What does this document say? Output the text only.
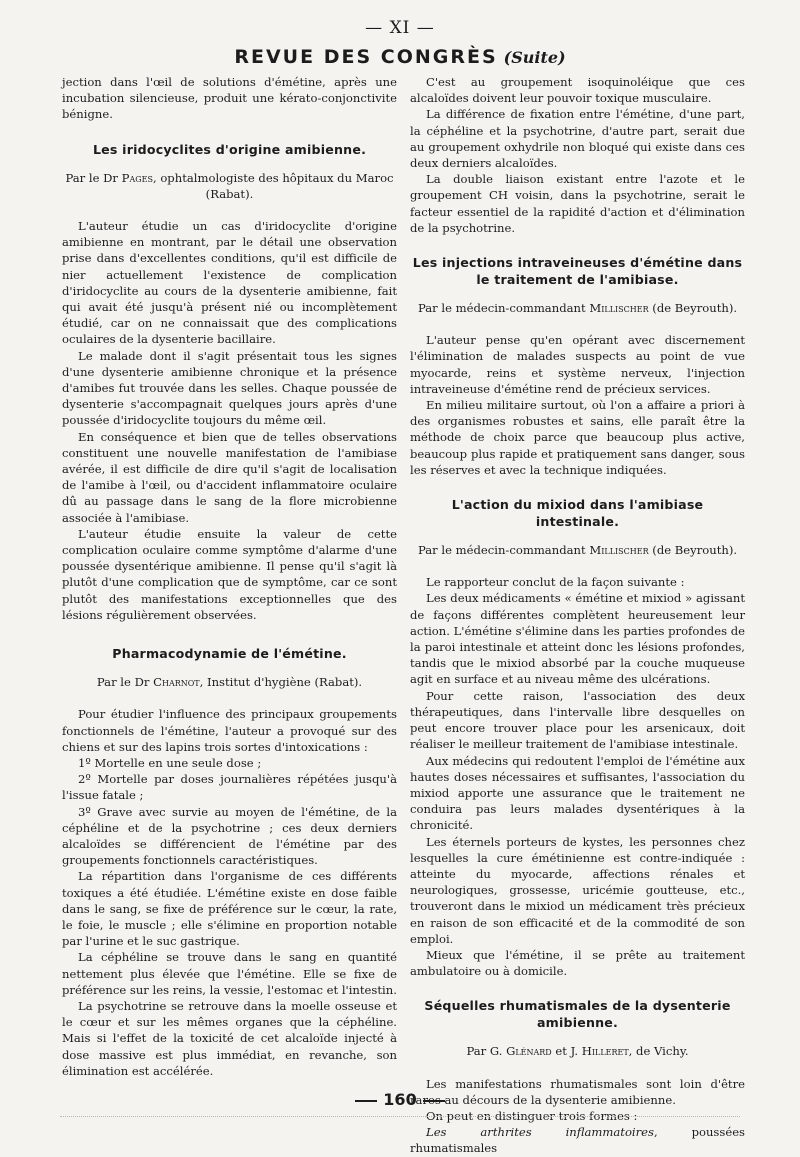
— XI —
REVUE DES CONGRÈS (Suite)

jection dans l'œil de solutions d'émétine, après une incubation silencieuse, produit une kérato-conjonctivite bénigne.

Les iridocyclites d'origine amibienne.

Par le Dr Pages, ophtalmologiste des hôpitaux du Maroc (Rabat).

L'auteur étudie un cas d'iridocyclite d'origine amibienne en montrant, par le détail une observation prise dans d'excellentes conditions, qu'il est difficile de nier actuellement l'existence de complication d'iridocyclite au cours de la dysenterie amibienne, fait qui avait été jusqu'à présent nié ou incomplètement étudié, car on ne connaissait que des complications oculaires de la dysenterie bacillaire.

Le malade dont il s'agit présentait tous les signes d'une dysenterie amibienne chronique et la présence d'amibes fut trouvée dans les selles. Chaque poussée de dysenterie s'accompagnait quelques jours après d'une poussée d'iridocyclite toujours du même œil.

En conséquence et bien que de telles observations constituent une nouvelle manifestation de l'amibiase avérée, il est difficile de dire qu'il s'agit de localisation de l'amibe à l'œil, ou d'accident inflammatoire oculaire dû au passage dans le sang de la flore microbienne associée à l'amibiase.

L'auteur étudie ensuite la valeur de cette complication oculaire comme symptôme d'alarme d'une poussée dysentérique amibienne. Il pense qu'il s'agit là plutôt d'une complication que de symptôme, car ce sont plutôt des manifestations exceptionnelles que des lésions régulièrement observées.

Pharmacodynamie de l'émétine.

Par le Dr Charnot, Institut d'hygiène (Rabat).

Pour étudier l'influence des principaux groupements fonctionnels de l'émétine, l'auteur a provoqué sur des chiens et sur des lapins trois sortes d'intoxications :

1º Mortelle en une seule dose ;

2º Mortelle par doses journalières répétées jusqu'à l'issue fatale ;

3º Grave avec survie au moyen de l'émétine, de la céphéline et de la psychotrine ; ces deux derniers alcaloïdes se différencient de l'émétine par des groupements fonctionnels caractéristiques.

La répartition dans l'organisme de ces différents toxiques a été étudiée. L'émétine existe en dose faible dans le sang, se fixe de préférence sur le cœur, la rate, le foie, le muscle ; elle s'élimine en proportion notable par l'urine et le suc gastrique.

La céphéline se trouve dans le sang en quantité nettement plus élevée que l'émétine. Elle se fixe de préférence sur les reins, la vessie, l'estomac et l'intestin.

La psychotrine se retrouve dans la moelle osseuse et le cœur et sur les mêmes organes que la céphéline. Mais si l'effet de la toxicité de cet alcaloïde injecté à dose massive est plus immédiat, en revanche, son élimination est accélérée.

C'est au groupement isoquinoléique que ces alcaloïdes doivent leur pouvoir toxique musculaire.

La différence de fixation entre l'émétine, d'une part, la céphéline et la psychotrine, d'autre part, serait due au groupement oxhydrile non bloqué qui existe dans ces deux derniers alcaloïdes.

La double liaison existant entre l'azote et le groupement CH voisin, dans la psychotrine, serait le facteur essentiel de la rapidité d'action et d'élimination de la psychotrine.

Les injections intraveineuses d'émétine dans le traitement de l'amibiase.

Par le médecin-commandant Millischer (de Beyrouth).

L'auteur pense qu'en opérant avec discernement l'élimination de malades suspects au point de vue myocarde, reins et système nerveux, l'injection intraveineuse d'émétine rend de précieux services.

En milieu militaire surtout, où l'on a affaire a priori à des organismes robustes et sains, elle paraît être la méthode de choix parce que beaucoup plus active, beaucoup plus rapide et pratiquement sans danger, sous les réserves et avec la technique indiquées.

L'action du mixiod dans l'amibiase intestinale.

Par le médecin-commandant Millischer (de Beyrouth).

Le rapporteur conclut de la façon suivante :

Les deux médicaments « émétine et mixiod » agissant de façons différentes complètent heureusement leur action. L'émétine s'élimine dans les parties profondes de la paroi intestinale et atteint donc les lésions profondes, tandis que le mixiod absorbé par la couche muqueuse agit en surface et au niveau même des ulcérations.

Pour cette raison, l'association des deux thérapeutiques, dans l'intervalle libre desquelles on peut encore trouver place pour les arsenicaux, doit réaliser le meilleur traitement de l'amibiase intestinale.

Aux médecins qui redoutent l'emploi de l'émétine aux hautes doses nécessaires et suffisantes, l'association du mixiod apporte une assurance que le traitement ne conduira pas leurs malades dysentériques à la chronicité.

Les éternels porteurs de kystes, les personnes chez lesquelles la cure émétinienne est contre-indiquée : atteinte du myocarde, affections rénales et neurologiques, grossesse, uricémie goutteuse, etc., trouveront dans le mixiod un médicament très précieux en raison de son efficacité et de la commodité de son emploi.

Mieux que l'émétine, il se prête au traitement ambulatoire ou à domicile.

Séquelles rhumatismales de la dysenterie amibienne.

Par G. Glénard et J. Hilleret, de Vichy.

Les manifestations rhumatismales sont loin d'être rares au décours de la dysenterie amibienne.

On peut en distinguer trois formes :

Les arthrites inflammatoires, poussées rhumatismales

160
